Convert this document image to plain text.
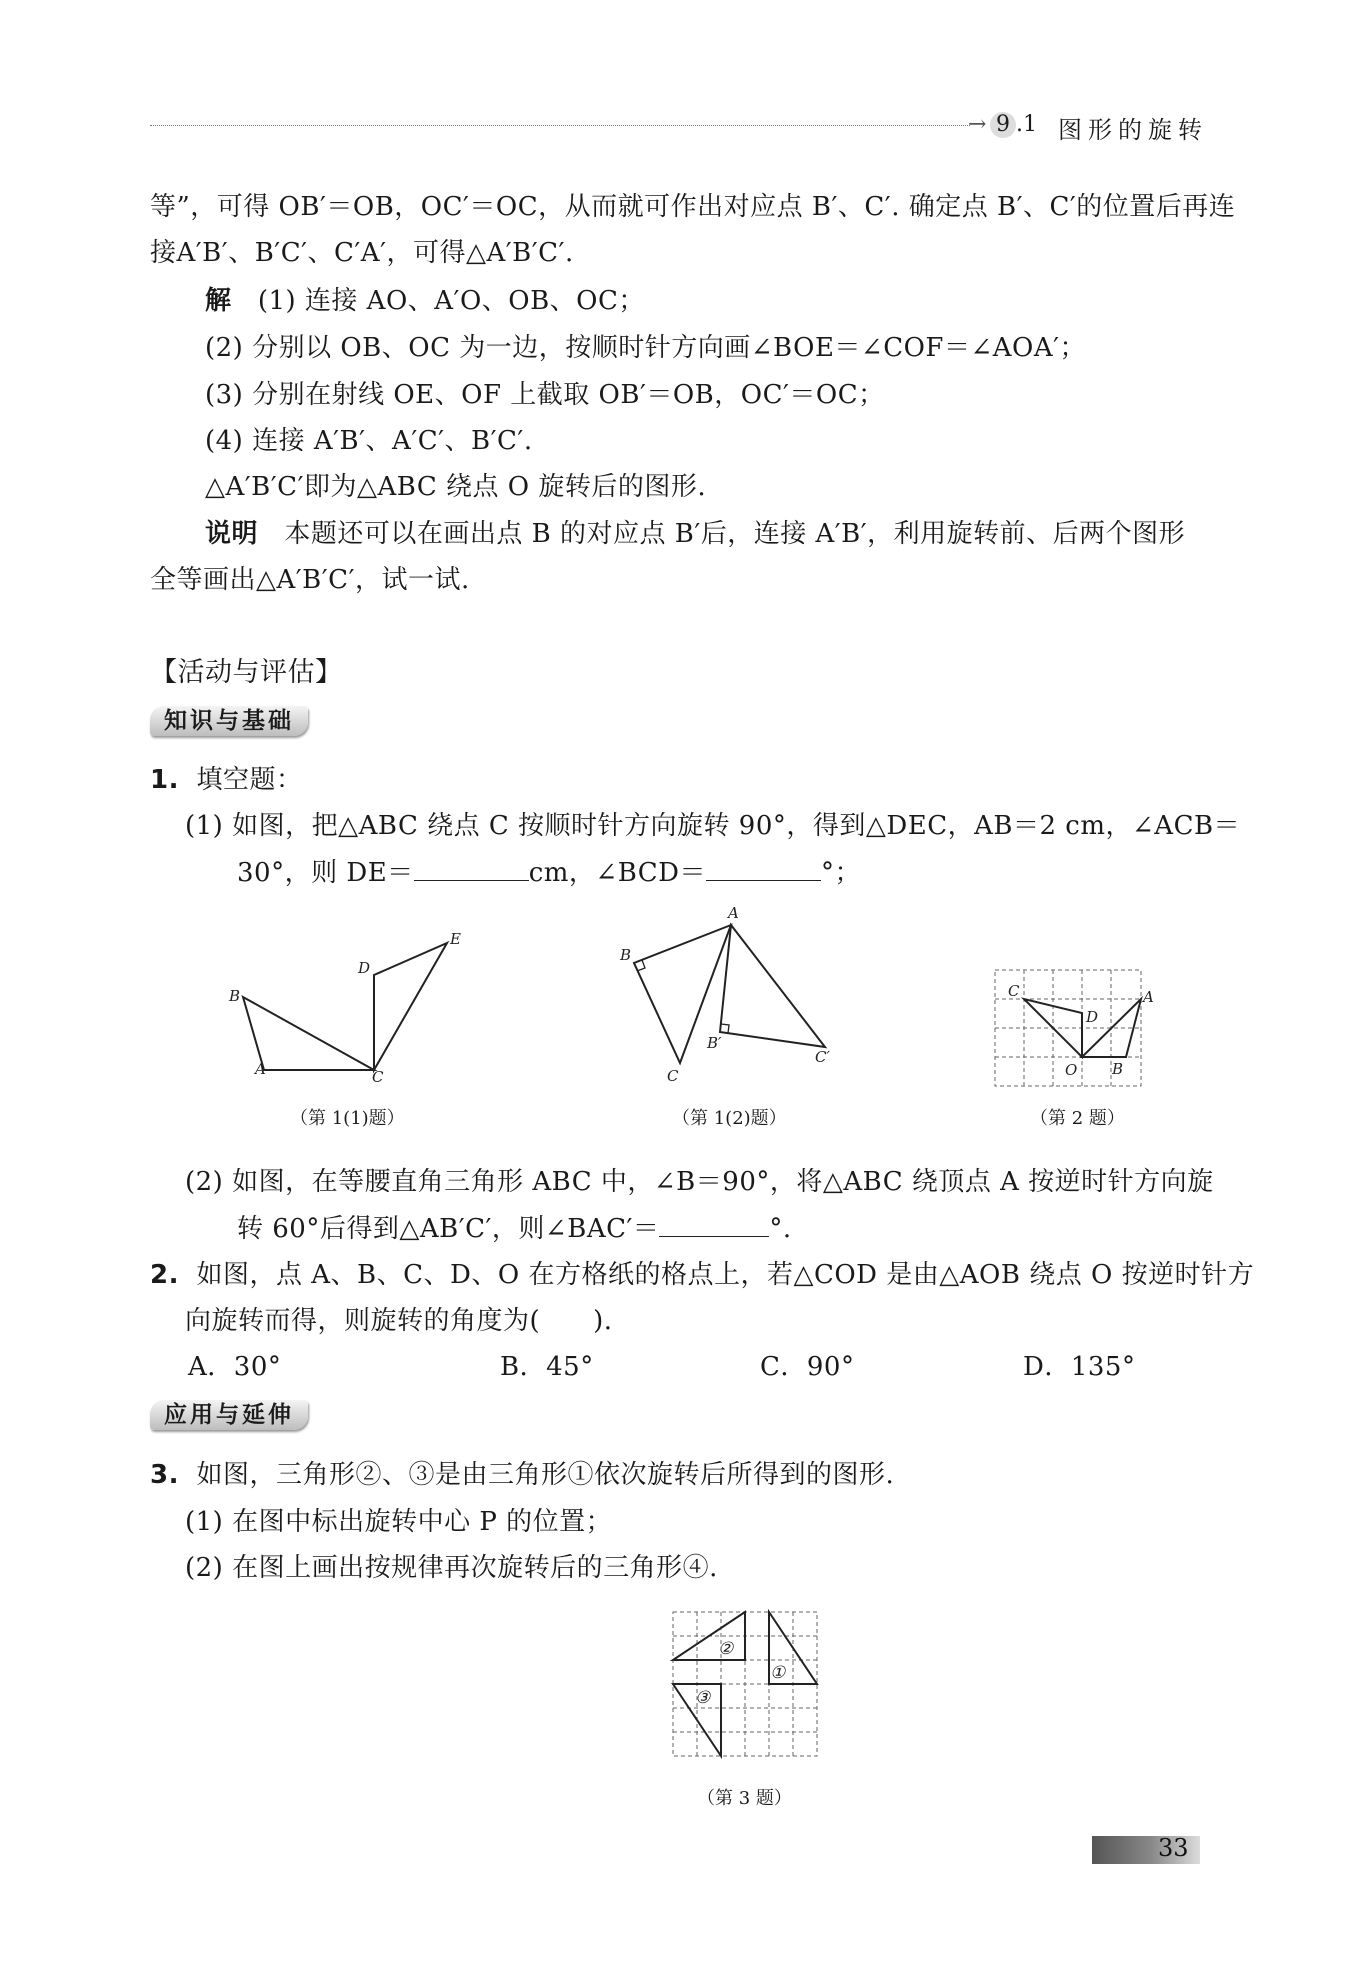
→ 9 .1 图形的旋转
等”，可得 OB′＝OB，OC′＝OC，从而就可作出对应点 B′、C′. 确定点 B′、C′的位置后再连
接A′B′、B′C′、C′A′，可得△A′B′C′.
解 (1) 连接 AO、A′O、OB、OC；
(2) 分别以 OB、OC 为一边，按顺时针方向画∠BOE＝∠COF＝∠AOA′；
(3) 分别在射线 OE、OF 上截取 OB′＝OB，OC′＝OC；
(4) 连接 A′B′、A′C′、B′C′.
△A′B′C′即为△ABC 绕点 O 旋转后的图形.
说明 本题还可以在画出点 B 的对应点 B′后，连接 A′B′，利用旋转前、后两个图形
全等画出△A′B′C′，试一试.
【活动与评估】
知识与基础
1. 填空题：
(1) 如图，把△ABC 绕点 C 按顺时针方向旋转 90°，得到△DEC，AB＝2 cm，∠ACB＝
30°，则 DE＝	cm，∠BCD＝	°；
B
A	C
D
E
（第 1(1)题）
A
B
C
B′
C′
（第 1(2)题）
C	A
D
O B
（第 2 题）
(2) 如图，在等腰直角三角形 ABC 中，∠B＝90°，将△ABC 绕顶点 A 按逆时针方向旋
转 60°后得到△AB′C′，则∠BAC′＝	°.
2. 如图，点 A、B、C、D、O 在方格纸的格点上，若△COD 是由△AOB 绕点 O 按逆时针方
向旋转而得，则旋转的角度为(　　).
A．30°	B．45°	C．90°	D．135°
应用与延伸
3. 如图，三角形②、③是由三角形①依次旋转后所得到的图形.
(1) 在图中标出旋转中心 P 的位置；
(2) 在图上画出按规律再次旋转后的三角形④.
①
②
③
（第 3 题）
33
